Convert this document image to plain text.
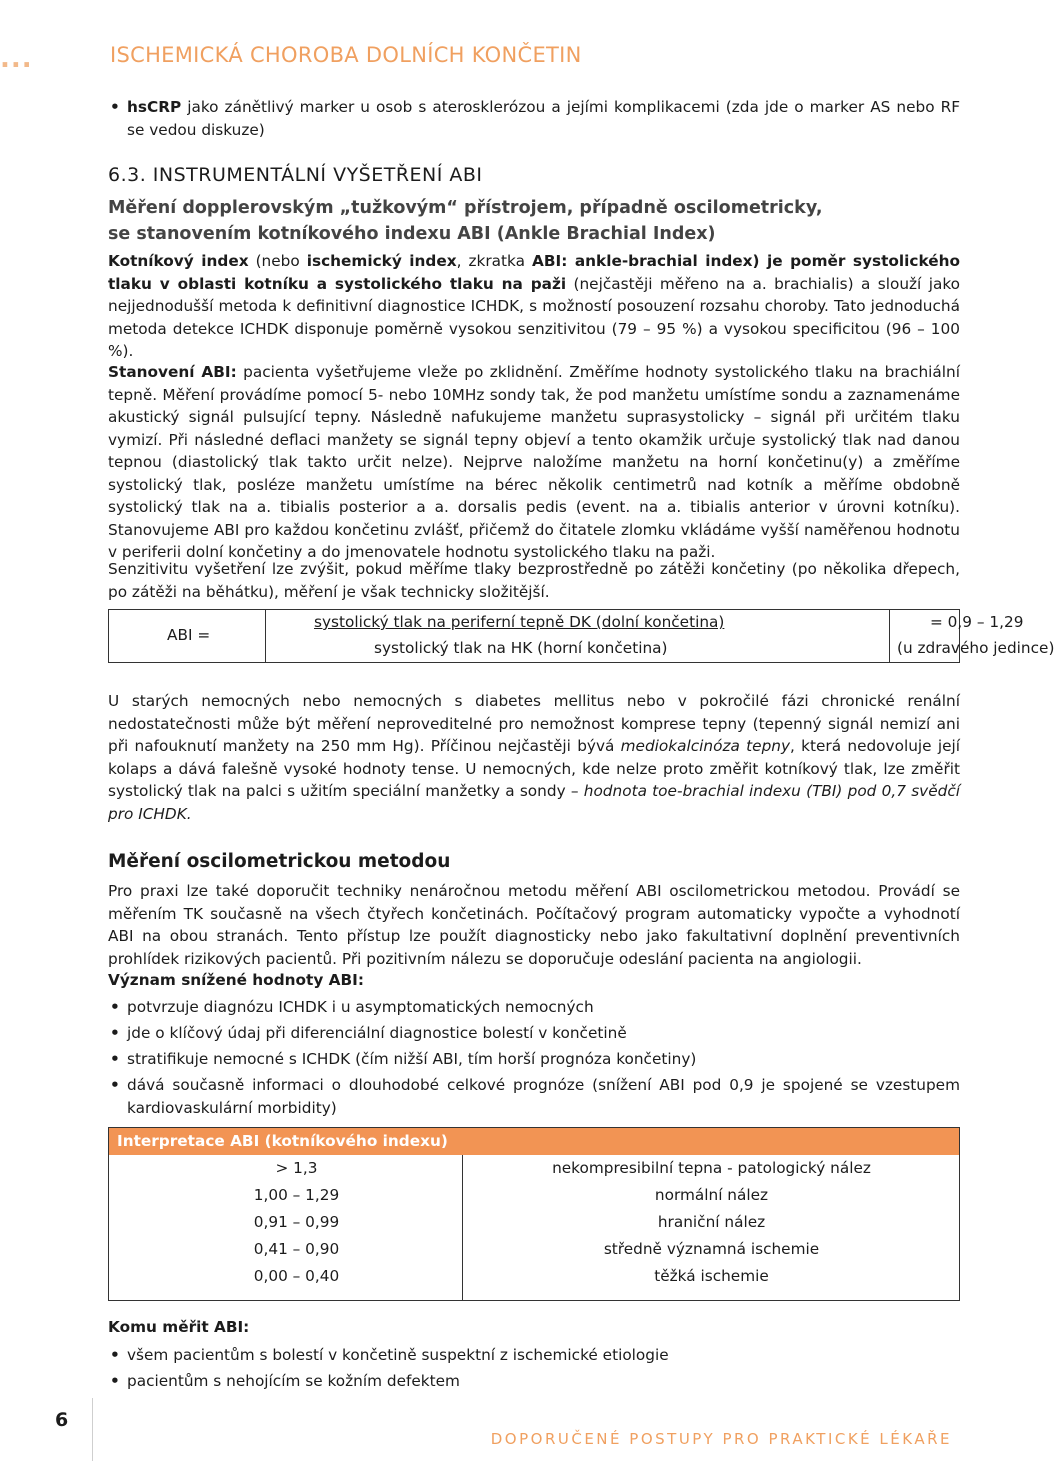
...	ISCHEMICKÁ CHOROBA DOLNÍCH KONČETIN
• hsCRP jako zánětlivý marker u osob s aterosklerózou a jejími komplikacemi (zda jde o marker AS nebo RF se vedou diskuze)
6.3. INSTRUMENTÁLNÍ VYŠETŘENÍ ABI
Měření dopplerovským „tužkovým“ přístrojem, případně oscilometricky,
se stanovením kotníkového indexu ABI (Ankle Brachial Index)
Kotníkový index (nebo ischemický index, zkratka ABI: ankle-brachial index) je poměr systolického tlaku v oblasti kotníku a systolického tlaku na paži (nejčastěji měřeno na a. brachialis) a slouží jako nejjednodušší metoda k definitivní diagnostice ICHDK, s možností posouzení rozsahu choroby. Tato jednoduchá metoda detekce ICHDK disponuje poměrně vysokou senzitivitou (79 – 95 %) a vysokou specificitou (96 – 100 %).
Stanovení ABI: pacienta vyšetřujeme vleže po zklidnění. Změříme hodnoty systolického tlaku na brachiální tepně. Měření provádíme pomocí 5- nebo 10MHz sondy tak, že pod manžetu umístíme sondu a zaznamenáme akustický signál pulsující tepny. Následně nafukujeme manžetu suprasystolicky – signál při určitém tlaku vymizí. Při následné deflaci manžety se signál tepny objeví a tento okamžik určuje systolický tlak nad danou tepnou (diastolický tlak takto určit nelze). Nejprve naložíme manžetu na horní končetinu(y) a změříme systolický tlak, posléze manžetu umístíme na bérec několik centimetrů nad kotník a měříme obdobně systolický tlak na a. tibialis posterior a a. dorsalis pedis (event. na a. tibialis anterior v úrovni kotníku). Stanovujeme ABI pro každou končetinu zvlášť, přičemž do čitatele zlomku vkládáme vyšší naměřenou hodnotu v periferii dolní končetiny a do jmenovatele hodnotu systolického tlaku na paži.
Senzitivitu vyšetření lze zvýšit, pokud měříme tlaky bezprostředně po zátěži končetiny (po několika dřepech, po zátěži na běhátku), měření je však technicky složitější.
ABI =
systolický tlak na periferní tepně DK (dolní končetina)
systolický tlak na HK (horní končetina)
= 0,9 – 1,29
(u zdravého jedince)
U starých nemocných nebo nemocných s diabetes mellitus nebo v pokročilé fázi chronické renální nedostatečnosti může být měření neproveditelné pro nemožnost komprese tepny (tepenný signál nemizí ani při nafouknutí manžety na 250 mm Hg). Příčinou nejčastěji bývá mediokalcinóza tepny, která nedovoluje její kolaps a dává falešně vysoké hodnoty tense. U nemocných, kde nelze proto změřit kotníkový tlak, lze změřit systolický tlak na palci s užitím speciální manžetky a sondy – hodnota toe-brachial indexu (TBI) pod 0,7 svědčí pro ICHDK.
Měření oscilometrickou metodou
Pro praxi lze také doporučit techniky nenáročnou metodu měření ABI oscilometrickou metodou. Provádí se měřením TK současně na všech čtyřech končetinách. Počítačový program automaticky vypočte a vyhodnotí ABI na obou stranách. Tento přístup lze použít diagnosticky nebo jako fakultativní doplnění preventivních prohlídek rizikových pacientů. Při pozitivním nálezu se doporučuje odeslání pacienta na angiologii.
Význam snížené hodnoty ABI:
• potvrzuje diagnózu ICHDK i u asymptomatických nemocných
• jde o klíčový údaj při diferenciální diagnostice bolestí v končetině
• stratifikuje nemocné s ICHDK (čím nižší ABI, tím horší prognóza končetiny)
• dává současně informaci o dlouhodobé celkové prognóze (snížení ABI pod 0,9 je spojené se vzestupem kardiovaskulární morbidity)
Interpretace ABI (kotníkového indexu)
> 1,3	nekompresibilní tepna - patologický nález
1,00 – 1,29	normální nález
0,91 – 0,99	hraniční nález
0,41 – 0,90	středně významná ischemie
0,00 – 0,40	těžká ischemie
Komu měřit ABI:
• všem pacientům s bolestí v končetině suspektní z ischemické etiologie
• pacientům s nehojícím se kožním defektem
6
DOPORUČENÉ POSTUPY PRO PRAKTICKÉ LÉKAŘE
